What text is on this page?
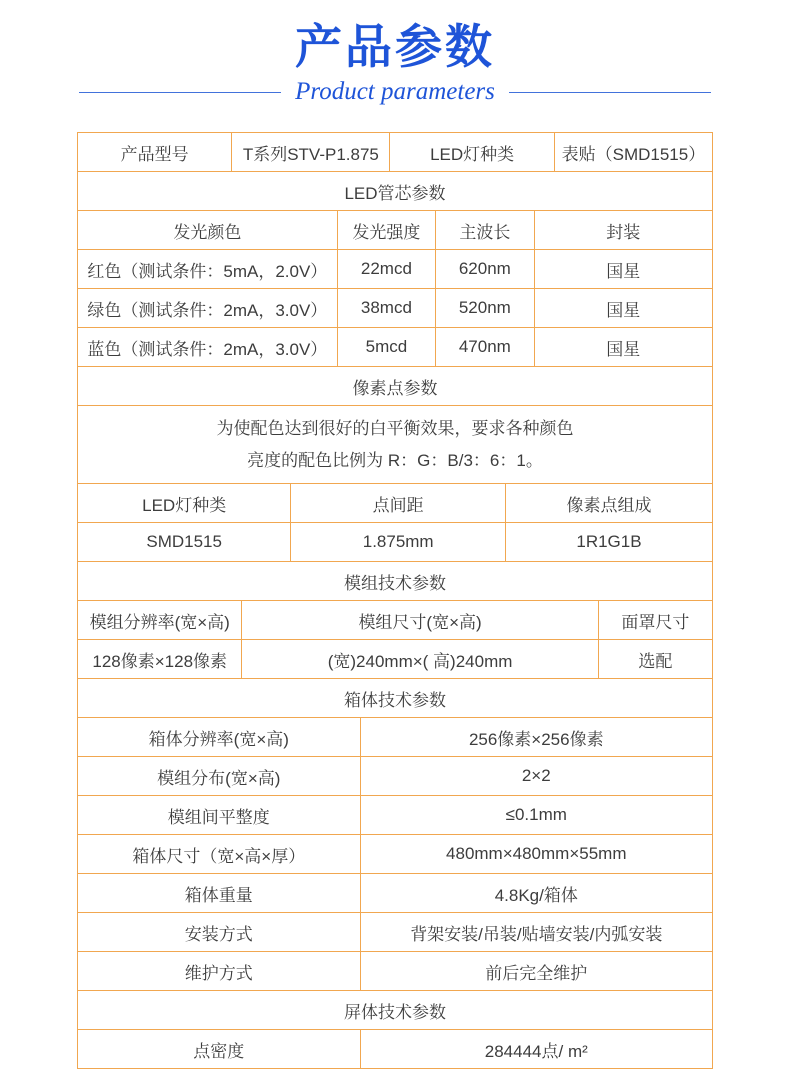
产品参数
Product parameters
产品型号	T系列STV-P1.875	LED灯种类	表贴（SMD1515）
LED管芯参数
发光颜色	发光强度	主波长	封装
红色（测试条件：5mA，2.0V）	22mcd	620nm	国星
绿色（测试条件：2mA，3.0V）	38mcd	520nm	国星
蓝色（测试条件：2mA，3.0V）	5mcd	470nm	国星
像素点参数
为使配色达到很好的白平衡效果，要求各种颜色
亮度的配色比例为 R：G：B/3：6：1。
LED灯种类	点间距	像素点组成
SMD1515	1.875mm	1R1G1B
模组技术参数
模组分辨率(宽×高)	模组尺寸(宽×高)	面罩尺寸
128像素×128像素	(宽)240mm×( 高)240mm	选配
箱体技术参数
箱体分辨率(宽×高)	256像素×256像素
模组分布(宽×高)	2×2
模组间平整度	≤0.1mm
箱体尺寸（宽×高×厚）	480mm×480mm×55mm
箱体重量	4.8Kg/箱体
安装方式	背架安装/吊装/贴墙安装/内弧安装
维护方式	前后完全维护
屏体技术参数
点密度	284444点/ m²
